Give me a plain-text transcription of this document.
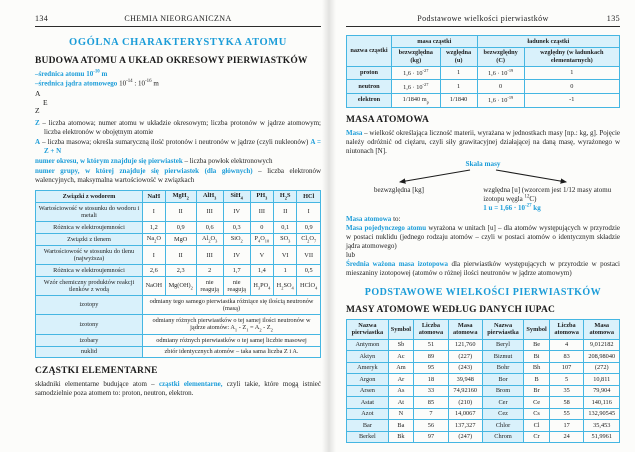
134	CHEMIA NIEORGANICZNA
OGÓLNA CHARAKTERYSTYKA ATOMU
BUDOWA ATOMU A UKŁAD OKRESOWY PIERWIASTKÓW

–średnica atomu $10^{-10}$ m

–średnica jądra atomowego $10^{-14}$ : $10^{-16}$ m

A
E
Z

Z – liczba atomowa; numer atomu w układzie okresowym; liczba protonów w jądrze atomowym; liczba elektronów w obojętnym atomie

A – liczba masowa; określa sumaryczną ilość protonów i neutronów w jądrze (czyli nukleonów) A = Z + N

numer okresu, w którym znajduje się pierwiastek – liczba powłok elektronowych

numer grupy, w której znajduje się pierwiastek (dla głównych) – liczba elektronów walencyjnych, maksymalna wartościowość w związkach

Związki z wodorem	NaH	MgH$_2$	AlH$_3$	SiH$_4$	$PH_3$	$H_2S$	HCl
Wartościowość w stosunku do wodoru i metali	I	II	III	IV	III	II	I
Różnica w elektroujemności	1,2	0,9	0,6	0,3	0	0,1	0,9
Związki z tlenem	$Na_2O$	MgO	$Al_2O_3$	SiO$_2$	$P_4O_{10}$	$SO_3$	$Cl_2O_7$
Wartościowość w stosunku do tlenu (najwyższa)	I	II	III	IV	V	VI	VII
Różnica w elektroujemności	2,6	2,3	2	1,7	1,4	1	0,5
Wzór chemiczny produktów reakcji tlenków z wodą	NaOH	$Mg(OH)_2$	nie reagują	nie reagują	$H_3PO_4$	$H_2SO_4$	HClO$_4$
izotopy	odmiany tego samego pierwiastka różniące się ilością neutronów (masą)						
izotony	odmiany różnych pierwiastków o tej samej ilości neutronów w jądrze atomów: $A_1 - Z_1 = A_2 - Z_2$
izobary	odmiany różnych pierwiastków o tej samej liczbie masowej						
nuklid	zbiór identycznych atomów – taka sama liczba Z i A.						
CZĄSTKI ELEMENTARNE

składniki elementarne budujące atom – cząstki elementarne, czyli takie, które mogą istnieć samodzielnie poza atomem to: proton, neutron, elektron.

Podstawowe wielkości pierwiastków	135
nazwa cząstki	masa cząstki		ładunek cząstki	
	bezwzględna (kg)	względna (u)	bezwzględny (C)	względny (w ładunkach elementarnych)
proton	$1,6 \cdot 10^{-27}$	1	$1,6 \cdot 10^{-19}$	1
neutron	$1,6 \cdot 10^{-27}$	1	0	0
elektron	1/1840 $m_p$	1/1840	$1,6 \cdot 10^{-19}$	-1
MASA ATOMOWA

Masa – wielkość określająca liczność materii, wyrażana w jednostkach masy [np.: kg, g]. Pojęcie należy odróżnić od ciężaru, czyli siły grawitacyjnej działającej na daną masę, wyrażonego w niutonach [N].

Skala masy
bezwzględna [kg]	względna [u] (wzorcem jest 1/12 masy atomu izotopu węgla $^{12}$C)
1 $u = 1,66 \cdot 10^{-27}$ kg

Masa atomowa to:

Masa pojedynczego atomu wyrażona w unitach [u] – dla atomów występujących w przyrodzie w postaci nuklidu (jednego rodzaju atomów – czyli w postaci atomów o identycznym składzie jądra atomowego)

lub

Średnia ważona masa izotopowa dla pierwiastków występujących w przyrodzie w postaci mieszaniny izotopowej (atomów o różnej ilości neutronów w jądrze atomowym)

PODSTAWOWE WIELKOŚCI PIERWIASTKÓW
MASY ATOMOWE WEDŁUG DANYCH IUPAC
Nazwa pierwiastka	Symbol	Liczba atomowa	Masa atomowa	Nazwa pierwiastka	Symbol	Liczba atomowa	Masa atomowa
Antymon	Sb	51	121,760	Beryl	Be	4	9,012182
Aktyn	Ac	89	(227)	Bizmut	Bi	83	208,98040
Ameryk	Am	95	(243)	Bohr	Bh	107	(272)
Argon	Ar	18	39,948	Bor	B	5	10,811
Arsen	As	33	74,92160	Brom	Br	35	79,904
Astat	At	85	(210)	Cer	Ce	58	140,116
Azot	N	7	14,0067	Cez	Cs	55	132,90545
Bar	Ba	56	137,327	Chlor	Cl	17	35,453
Berkel	Bk	97	(247)	Chrom	Cr	24	51,9961
